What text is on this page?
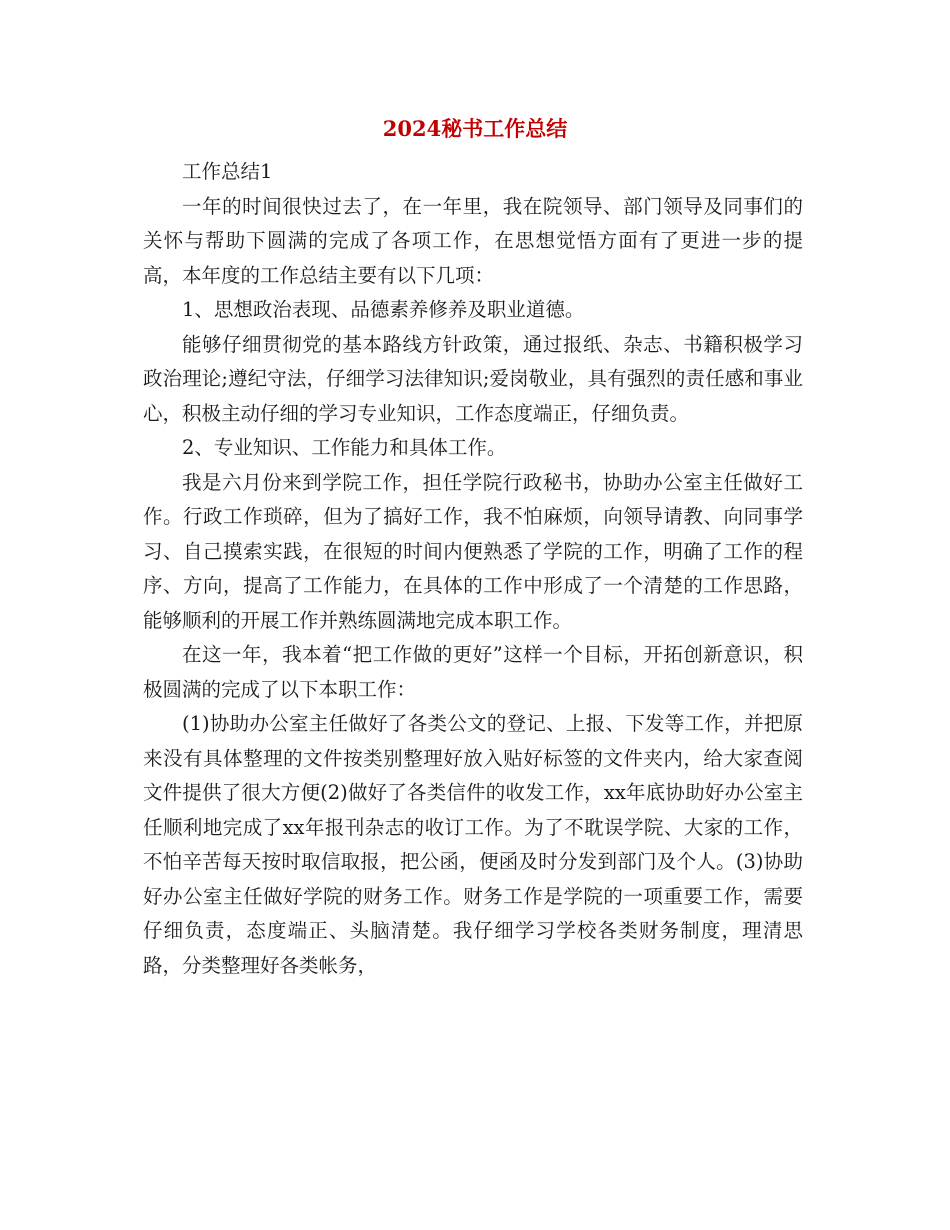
2024秘书工作总结

工作总结1

一年的时间很快过去了，在一年里，我在院领导、部门领导及同事们的关怀与帮助下圆满的完成了各项工作，在思想觉悟方面有了更进一步的提高，本年度的工作总结主要有以下几项：

1、思想政治表现、品德素养修养及职业道德。

能够仔细贯彻党的基本路线方针政策，通过报纸、杂志、书籍积极学习政治理论;遵纪守法，仔细学习法律知识;爱岗敬业，具有强烈的责任感和事业心，积极主动仔细的学习专业知识，工作态度端正，仔细负责。

2、专业知识、工作能力和具体工作。

我是六月份来到学院工作，担任学院行政秘书，协助办公室主任做好工作。行政工作琐碎，但为了搞好工作，我不怕麻烦，向领导请教、向同事学习、自己摸索实践，在很短的时间内便熟悉了学院的工作，明确了工作的程序、方向，提高了工作能力，在具体的工作中形成了一个清楚的工作思路，能够顺利的开展工作并熟练圆满地完成本职工作。

在这一年，我本着“把工作做的更好”这样一个目标，开拓创新意识，积极圆满的完成了以下本职工作：

(1)协助办公室主任做好了各类公文的登记、上报、下发等工作，并把原来没有具体整理的文件按类别整理好放入贴好标签的文件夹内，给大家查阅文件提供了很大方便(2)做好了各类信件的收发工作，xx年底协助好办公室主任顺利地完成了xx年报刊杂志的收订工作。为了不耽误学院、大家的工作，不怕辛苦每天按时取信取报，把公函，便函及时分发到部门及个人。(3)协助好办公室主任做好学院的财务工作。财务工作是学院的一项重要工作，需要仔细负责，态度端正、头脑清楚。我仔细学习学校各类财务制度，理清思路，分类整理好各类帐务，
